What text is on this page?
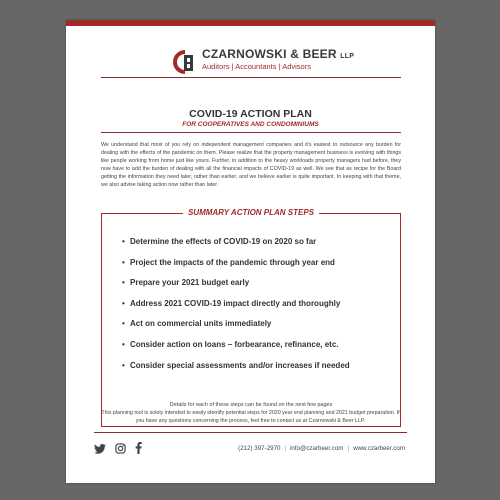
CZARNOWSKI & BEER LLP
Auditors | Accountants | Advisors
COVID-19 ACTION PLAN
FOR COOPERATIVES AND CONDOMINIUMS
We understand that most of you rely on independent management companies and it's easiest to outsource any burden for dealing with the effects of the pandemic on them. Please realize that the property management business is evolving with things like people working from home just like yours. Further, in addition to the heavy workloads property managers had before, they now have to add the burden of dealing with all the financial impacts of COVID-19 as well. We see that as recipe for the Board getting the information they need later, rather than earlier, and we believe earlier is quite important. In keeping with that theme, we also advise taking action now rather than later.
SUMMARY ACTION PLAN STEPS
• Determine the effects of COVID-19 on 2020 so far
• Project the impacts of the pandemic through year end
• Prepare your 2021 budget early
• Address 2021 COVID-19 impact directly and thoroughly
• Act on commercial units immediately
• Consider action on loans – forbearance, refinance, etc.
• Consider special assessments and/or increases if needed
Details for each of these steps can be found on the next few pages
This planning tool is solely intended to easily identify potential steps for 2020 year end planning and 2021 budget preparation. If you have any questions concerning the process, feel free to contact us at Czarnowski & Beer LLP.
(212) 397-2970 | info@czarbeer.com | www.czarbeer.com
